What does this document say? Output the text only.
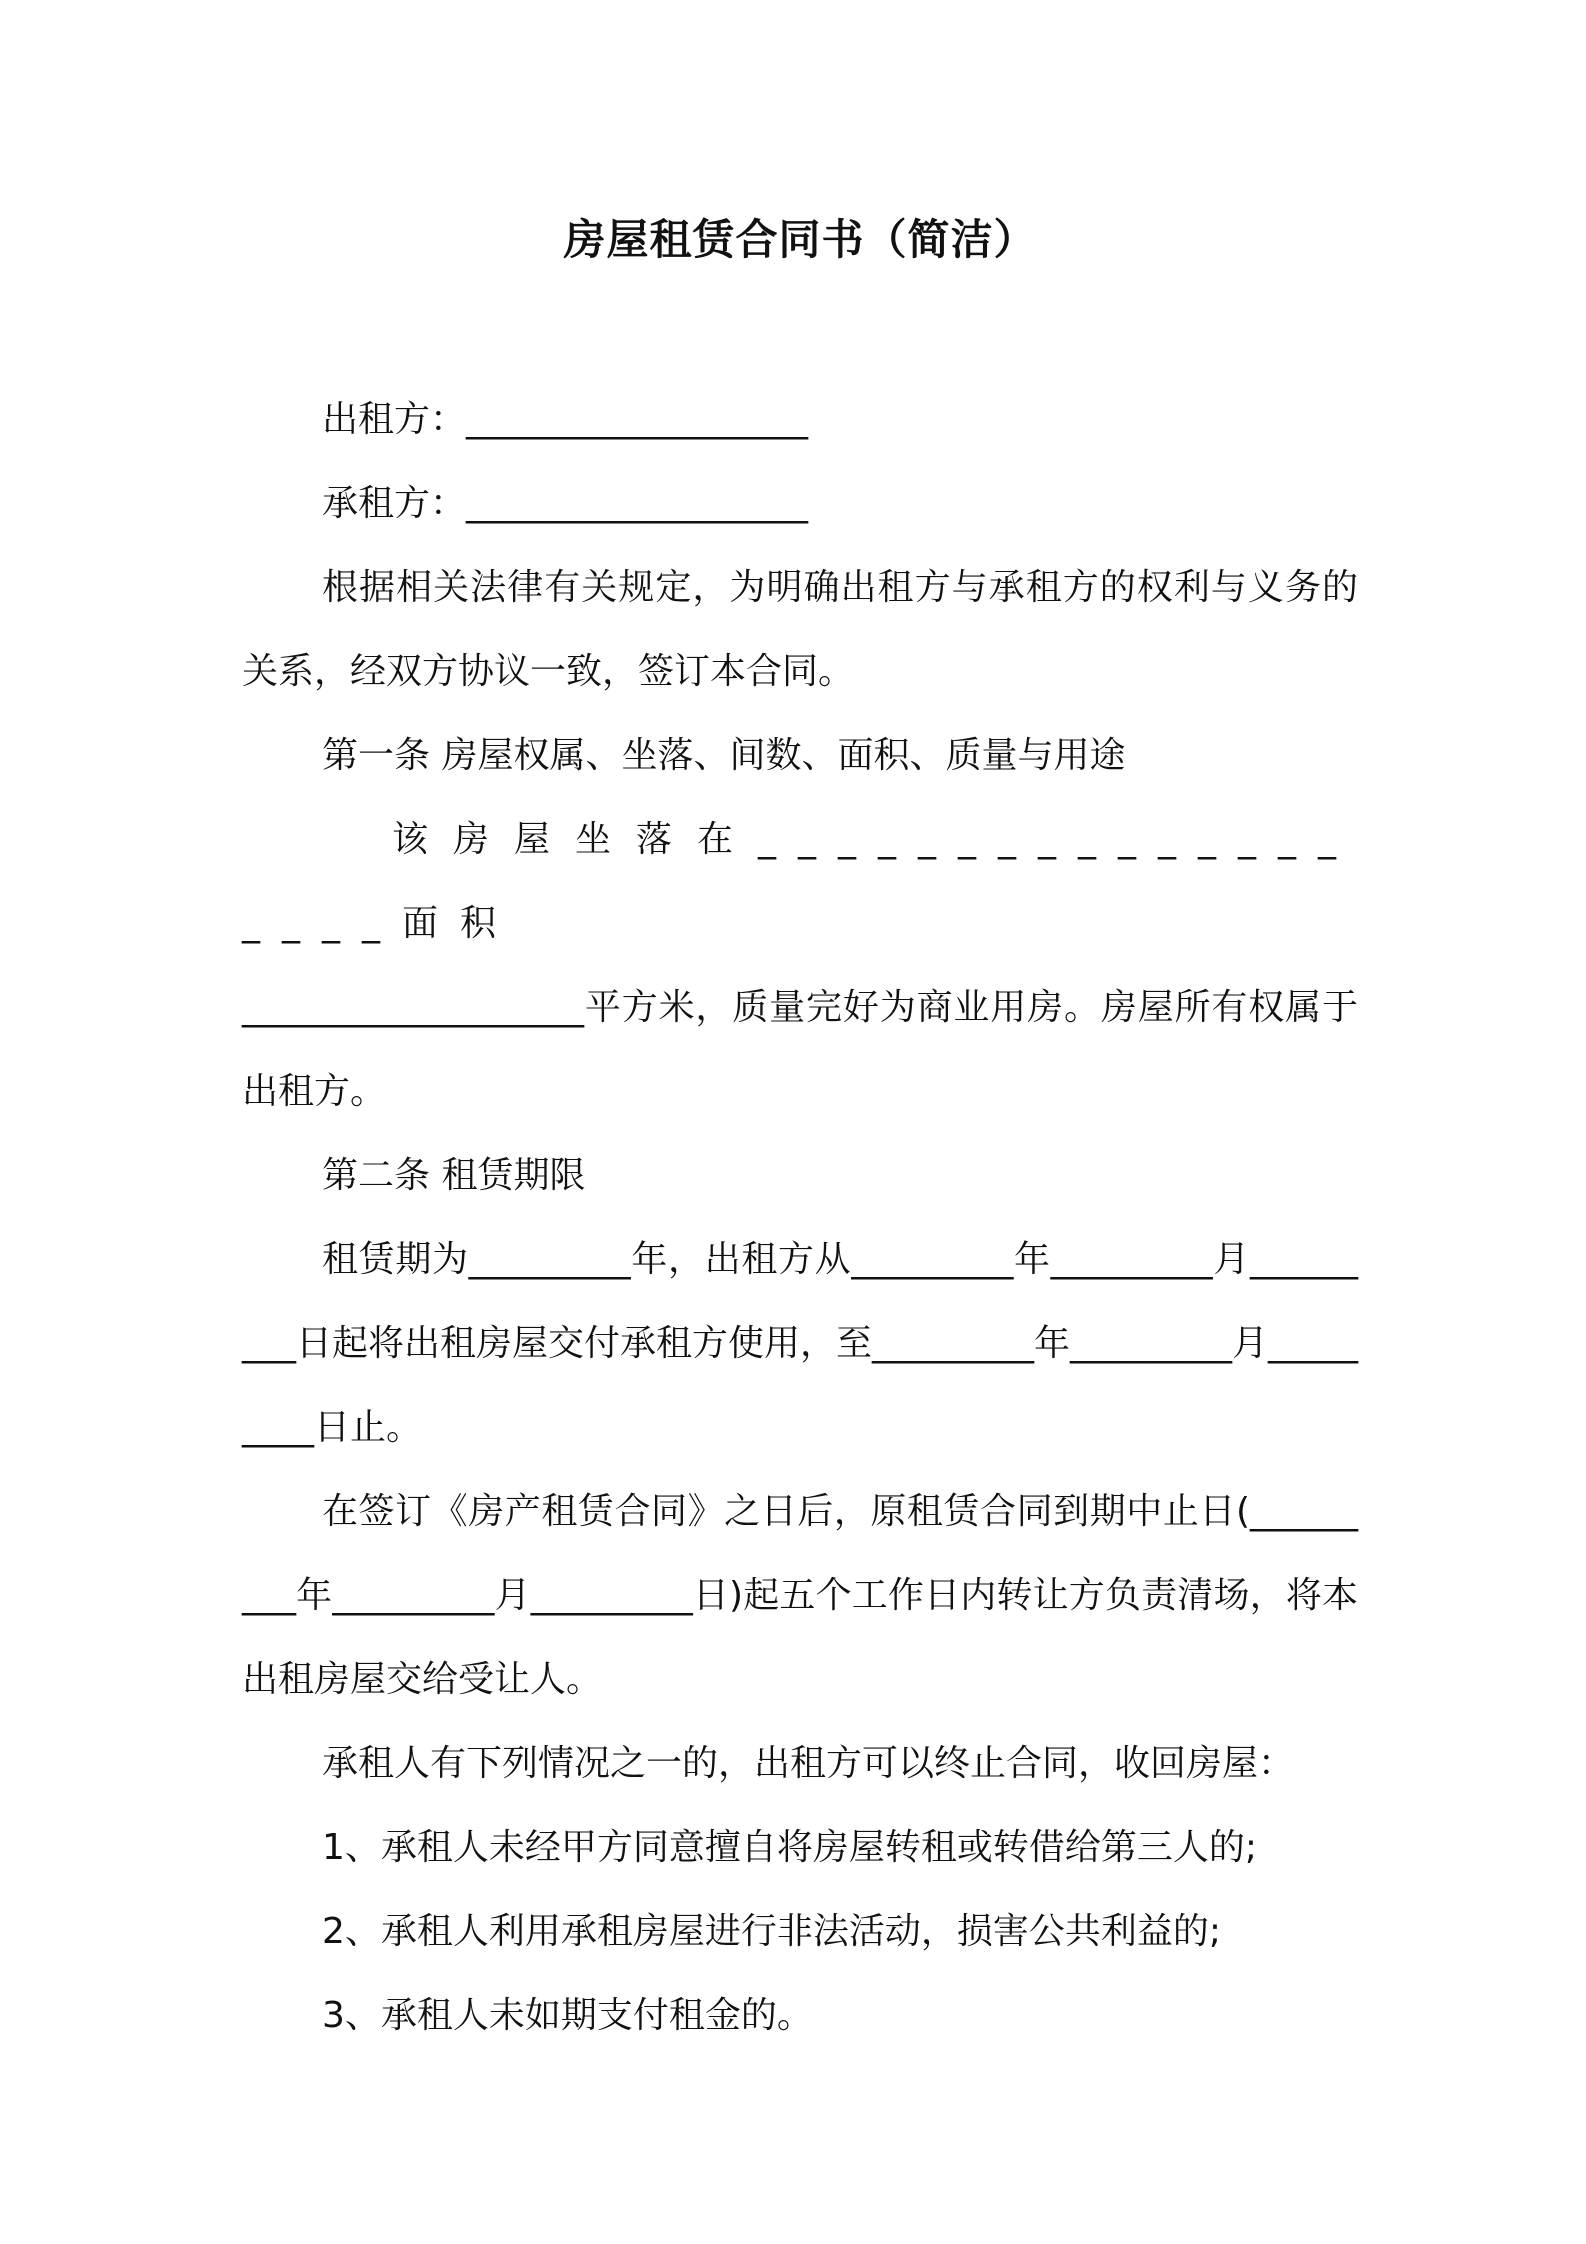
房屋租赁合同书（简洁）

出租方：___________________

承租方：___________________

根据相关法律有关规定，为明确出租方与承租方的权利与义务的关系，经双方协议一致，签订本合同。

第一条 房屋权属、坐落、间数、面积、质量与用途

该房屋坐落在___________________面积

___________________平方米，质量完好为商业用房。房屋所有权属于出租方。

第二条 租赁期限

租赁期为_________年，出租方从_________年_________月_________日起将出租房屋交付承租方使用，至_________年_________月_________日止。

在签订《房产租赁合同》之日后，原租赁合同到期中止日(_________年_________月_________日)起五个工作日内转让方负责清场，将本出租房屋交给受让人。

承租人有下列情况之一的，出租方可以终止合同，收回房屋：

1、承租人未经甲方同意擅自将房屋转租或转借给第三人的;

2、承租人利用承租房屋进行非法活动，损害公共利益的;

3、承租人未如期支付租金的。
